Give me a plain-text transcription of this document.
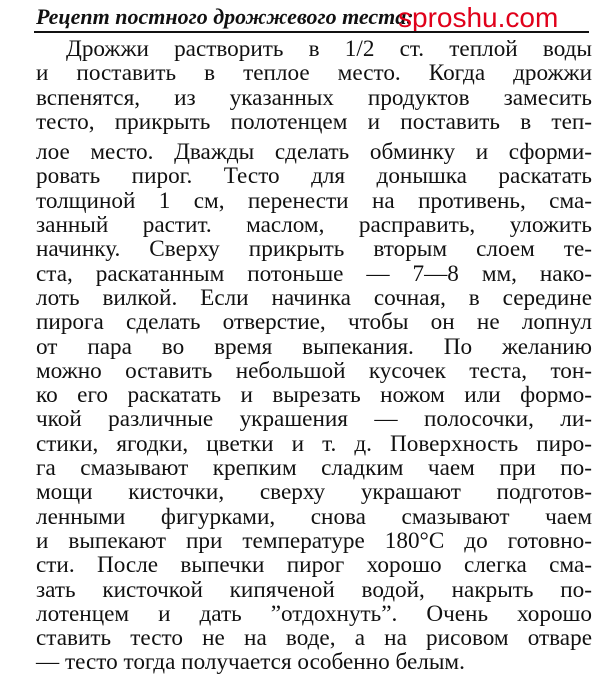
Рецепт постного дрожжевого теста:
sproshu.com
Дрожжи растворить в 1/2 ст. теплой воды
и поставить в теплое место. Когда дрожжи
вспенятся, из указанных продуктов замесить
тесто, прикрыть полотенцем и поставить в теп-
лое место. Дважды сделать обминку и сформи-
ровать пирог. Тесто для донышка раскатать
толщиной 1 см, перенести на противень, сма-
занный растит. маслом, расправить, уложить
начинку. Сверху прикрыть вторым слоем те-
ста, раскатанным потоньше — 7—8 мм, нако-
лоть вилкой. Если начинка сочная, в середине
пирога сделать отверстие, чтобы он не лопнул
от пара во время выпекания. По желанию
можно оставить небольшой кусочек теста, тон-
ко его раскатать и вырезать ножом или формо-
чкой различные украшения — полосочки, ли-
стики, ягодки, цветки и т. д. Поверхность пиро-
га смазывают крепким сладким чаем при по-
мощи кисточки, сверху украшают подготов-
ленными фигурками, снова смазывают чаем
и выпекают при температуре 180°С до готовно-
сти. После выпечки пирог хорошо слегка сма-
зать кисточкой кипяченой водой, накрыть по-
лотенцем и дать ”отдохнуть”. Очень хорошо
ставить тесто не на воде, а на рисовом отваре
— тесто тогда получается особенно белым.
